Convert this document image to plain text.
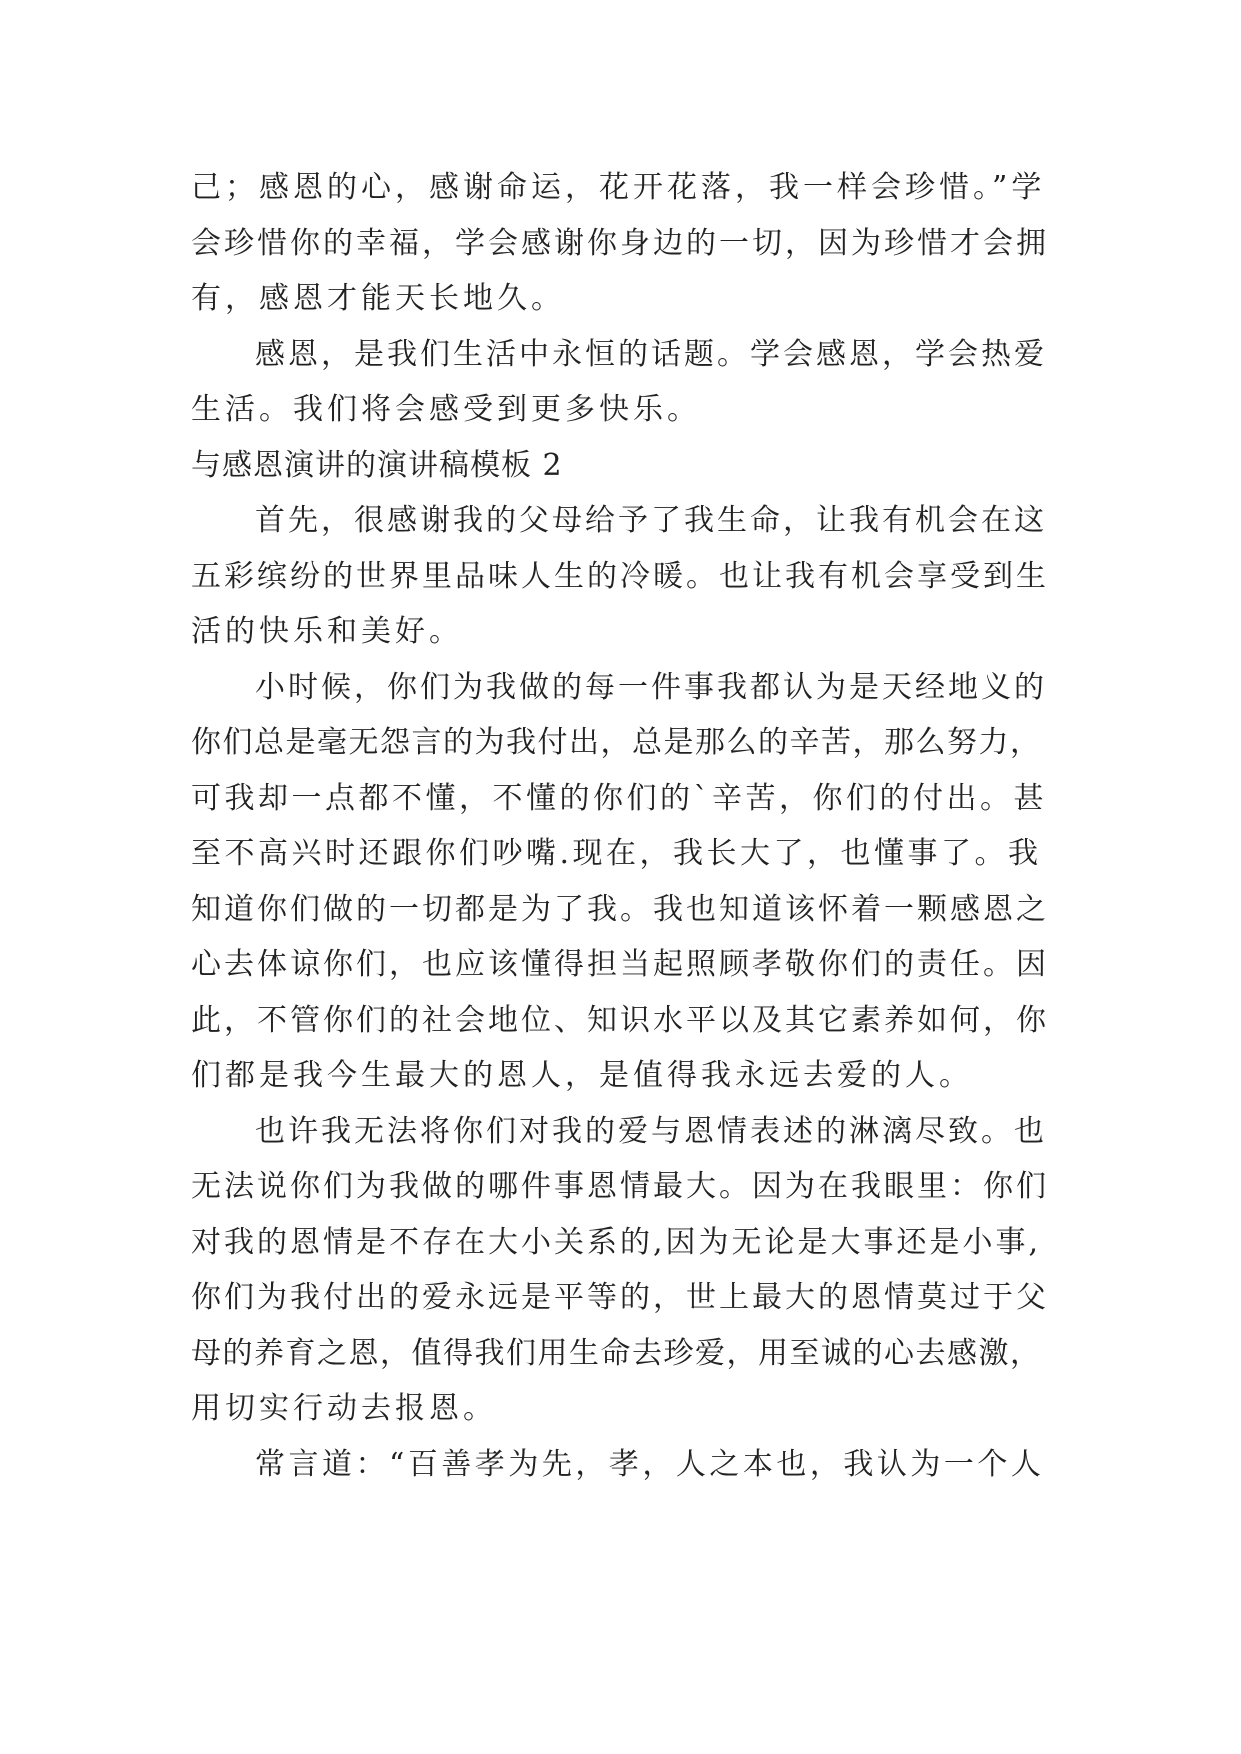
己；感恩的心，感谢命运，花开花落，我一样会珍惜。”学
会珍惜你的幸福，学会感谢你身边的一切，因为珍惜才会拥
有，感恩才能天长地久。
感恩，是我们生活中永恒的话题。学会感恩，学会热爱
生活。我们将会感受到更多快乐。
与感恩演讲的演讲稿模板 2
首先，很感谢我的父母给予了我生命，让我有机会在这
五彩缤纷的世界里品味人生的冷暖。也让我有机会享受到生
活的快乐和美好。
小时候，你们为我做的每一件事我都认为是天经地义的
你们总是毫无怨言的为我付出，总是那么的辛苦，那么努力，
可我却一点都不懂，不懂的你们的`辛苦，你们的付出。甚
至不高兴时还跟你们吵嘴.现在，我长大了，也懂事了。我
知道你们做的一切都是为了我。我也知道该怀着一颗感恩之
心去体谅你们，也应该懂得担当起照顾孝敬你们的责任。因
此，不管你们的社会地位、知识水平以及其它素养如何，你
们都是我今生最大的恩人，是值得我永远去爱的人。
也许我无法将你们对我的爱与恩情表述的淋漓尽致。也
无法说你们为我做的哪件事恩情最大。因为在我眼里：你们
对我的恩情是不存在大小关系的,因为无论是大事还是小事,
你们为我付出的爱永远是平等的，世上最大的恩情莫过于父
母的养育之恩，值得我们用生命去珍爱，用至诚的心去感激，
用切实行动去报恩。
常言道：“百善孝为先，孝，人之本也，我认为一个人
